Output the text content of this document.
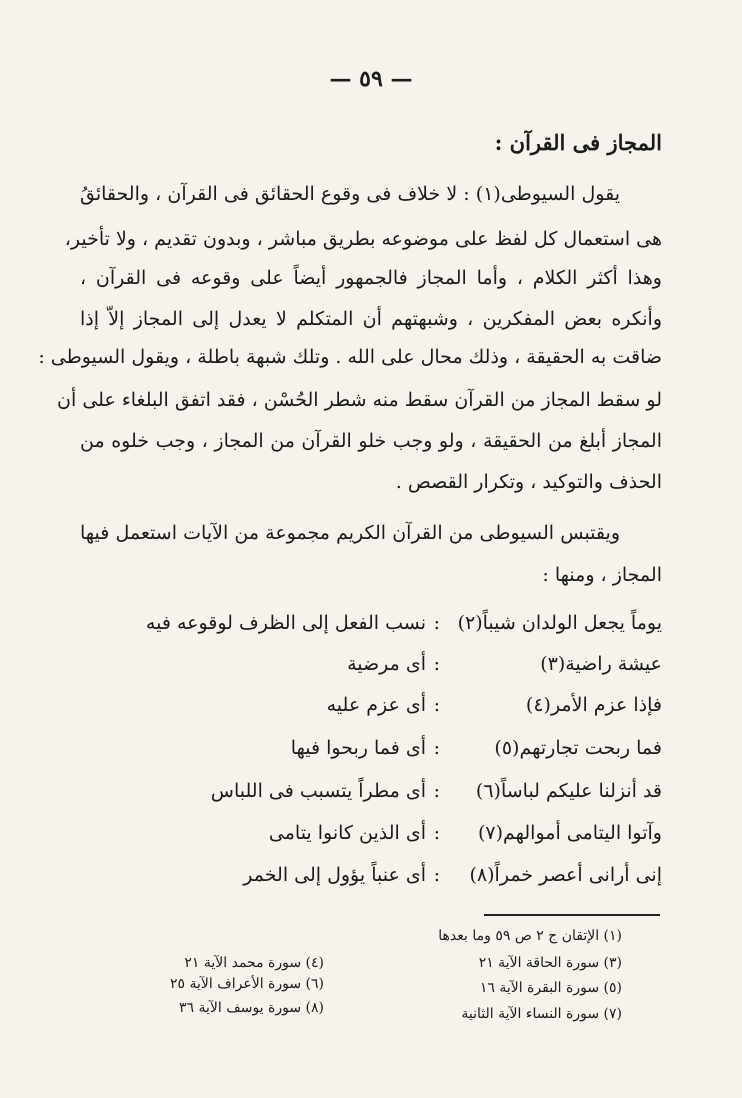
— ٥٩ —
المجاز فى القرآن :
يقول السيوطى(١) : لا خلاف فى وقوع الحقائق فى القرآن ، والحقائقُ
هى استعمال كل لفظ على موضوعه بطريق مباشر ، وبدون تقديم ، ولا تأخير،
وهذا أكثر الكلام ، وأما المجاز فالجمهور أيضاً على وقوعه فى القرآن ،
وأنكره بعض المفكرين ، وشبهتهم أن المتكلم لا يعدل إلى المجاز إلاّ إذا
ضاقت به الحقيقة ، وذلك محال على الله . وتلك شبهة باطلة ، ويقول السيوطى :
لو سقط المجاز من القرآن سقط منه شطر الحُسْن ، فقد اتفق البلغاء على أن
المجاز أبلغ من الحقيقة ، ولو وجب خلو القرآن من المجاز ، وجب خلوه من
الحذف والتوكيد ، وتكرار القصص .
ويقتبس السيوطى من القرآن الكريم مجموعة من الآيات استعمل فيها
المجاز ، ومنها :
يوماً يجعل الولدان شيباً(٢)
:
نسب الفعل إلى الظرف لوقوعه فيه
عيشة راضية(٣)
:
أى مرضية
فإذا عزم الأمر(٤)
:
أى عزم عليه
فما ربحت تجارتهم(٥)
:
أى فما ربحوا فيها
قد أنزلنا عليكم لباساً(٦)
:
أى مطراً يتسبب فى اللباس
وآتوا اليتامى أموالهم(٧)
:
أى الذين كانوا يتامى
إنى أرانى أعصر خمراً(٨)
:
أى عنباً يؤول إلى الخمر
(١) الإتقان ج ٢ ص ٥٩ وما بعدها
(٣) سورة الحاقة الآية ٢١
(٤) سورة محمد الآية ٢١
(٥) سورة البقرة الآية ١٦
(٦) سورة الأعراف الآية ٢٥
(٧) سورة النساء الآية الثانية
(٨) سورة يوسف الآية ٣٦
